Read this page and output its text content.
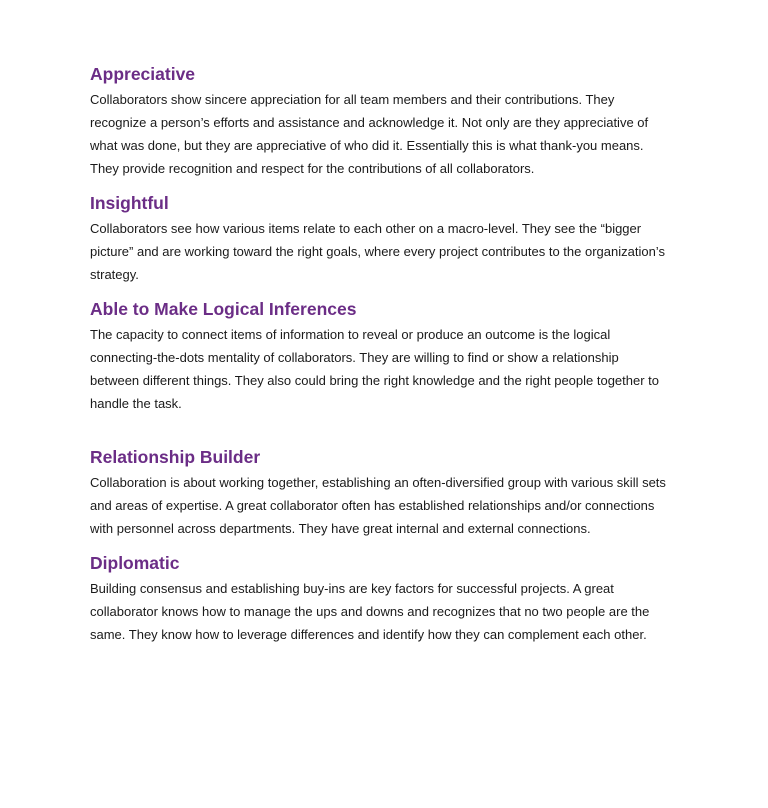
Appreciative

Collaborators show sincere appreciation for all team members and their contributions. They recognize a person’s efforts and assistance and acknowledge it. Not only are they appreciative of what was done, but they are appreciative of who did it. Essentially this is what thank-you means. They provide recognition and respect for the contributions of all collaborators.

Insightful

Collaborators see how various items relate to each other on a macro-level. They see the “bigger picture” and are working toward the right goals, where every project contributes to the organization’s strategy.

Able to Make Logical Inferences

The capacity to connect items of information to reveal or produce an outcome is the logical connecting-the-dots mentality of collaborators. They are willing to find or show a relationship between different things. They also could bring the right knowledge and the right people together to handle the task.

Relationship Builder

Collaboration is about working together, establishing an often-diversified group with various skill sets and areas of expertise. A great collaborator often has established relationships and/or connections with personnel across departments. They have great internal and external connections.

Diplomatic

Building consensus and establishing buy-ins are key factors for successful projects. A great collaborator knows how to manage the ups and downs and recognizes that no two people are the same. They know how to leverage differences and identify how they can complement each other.
